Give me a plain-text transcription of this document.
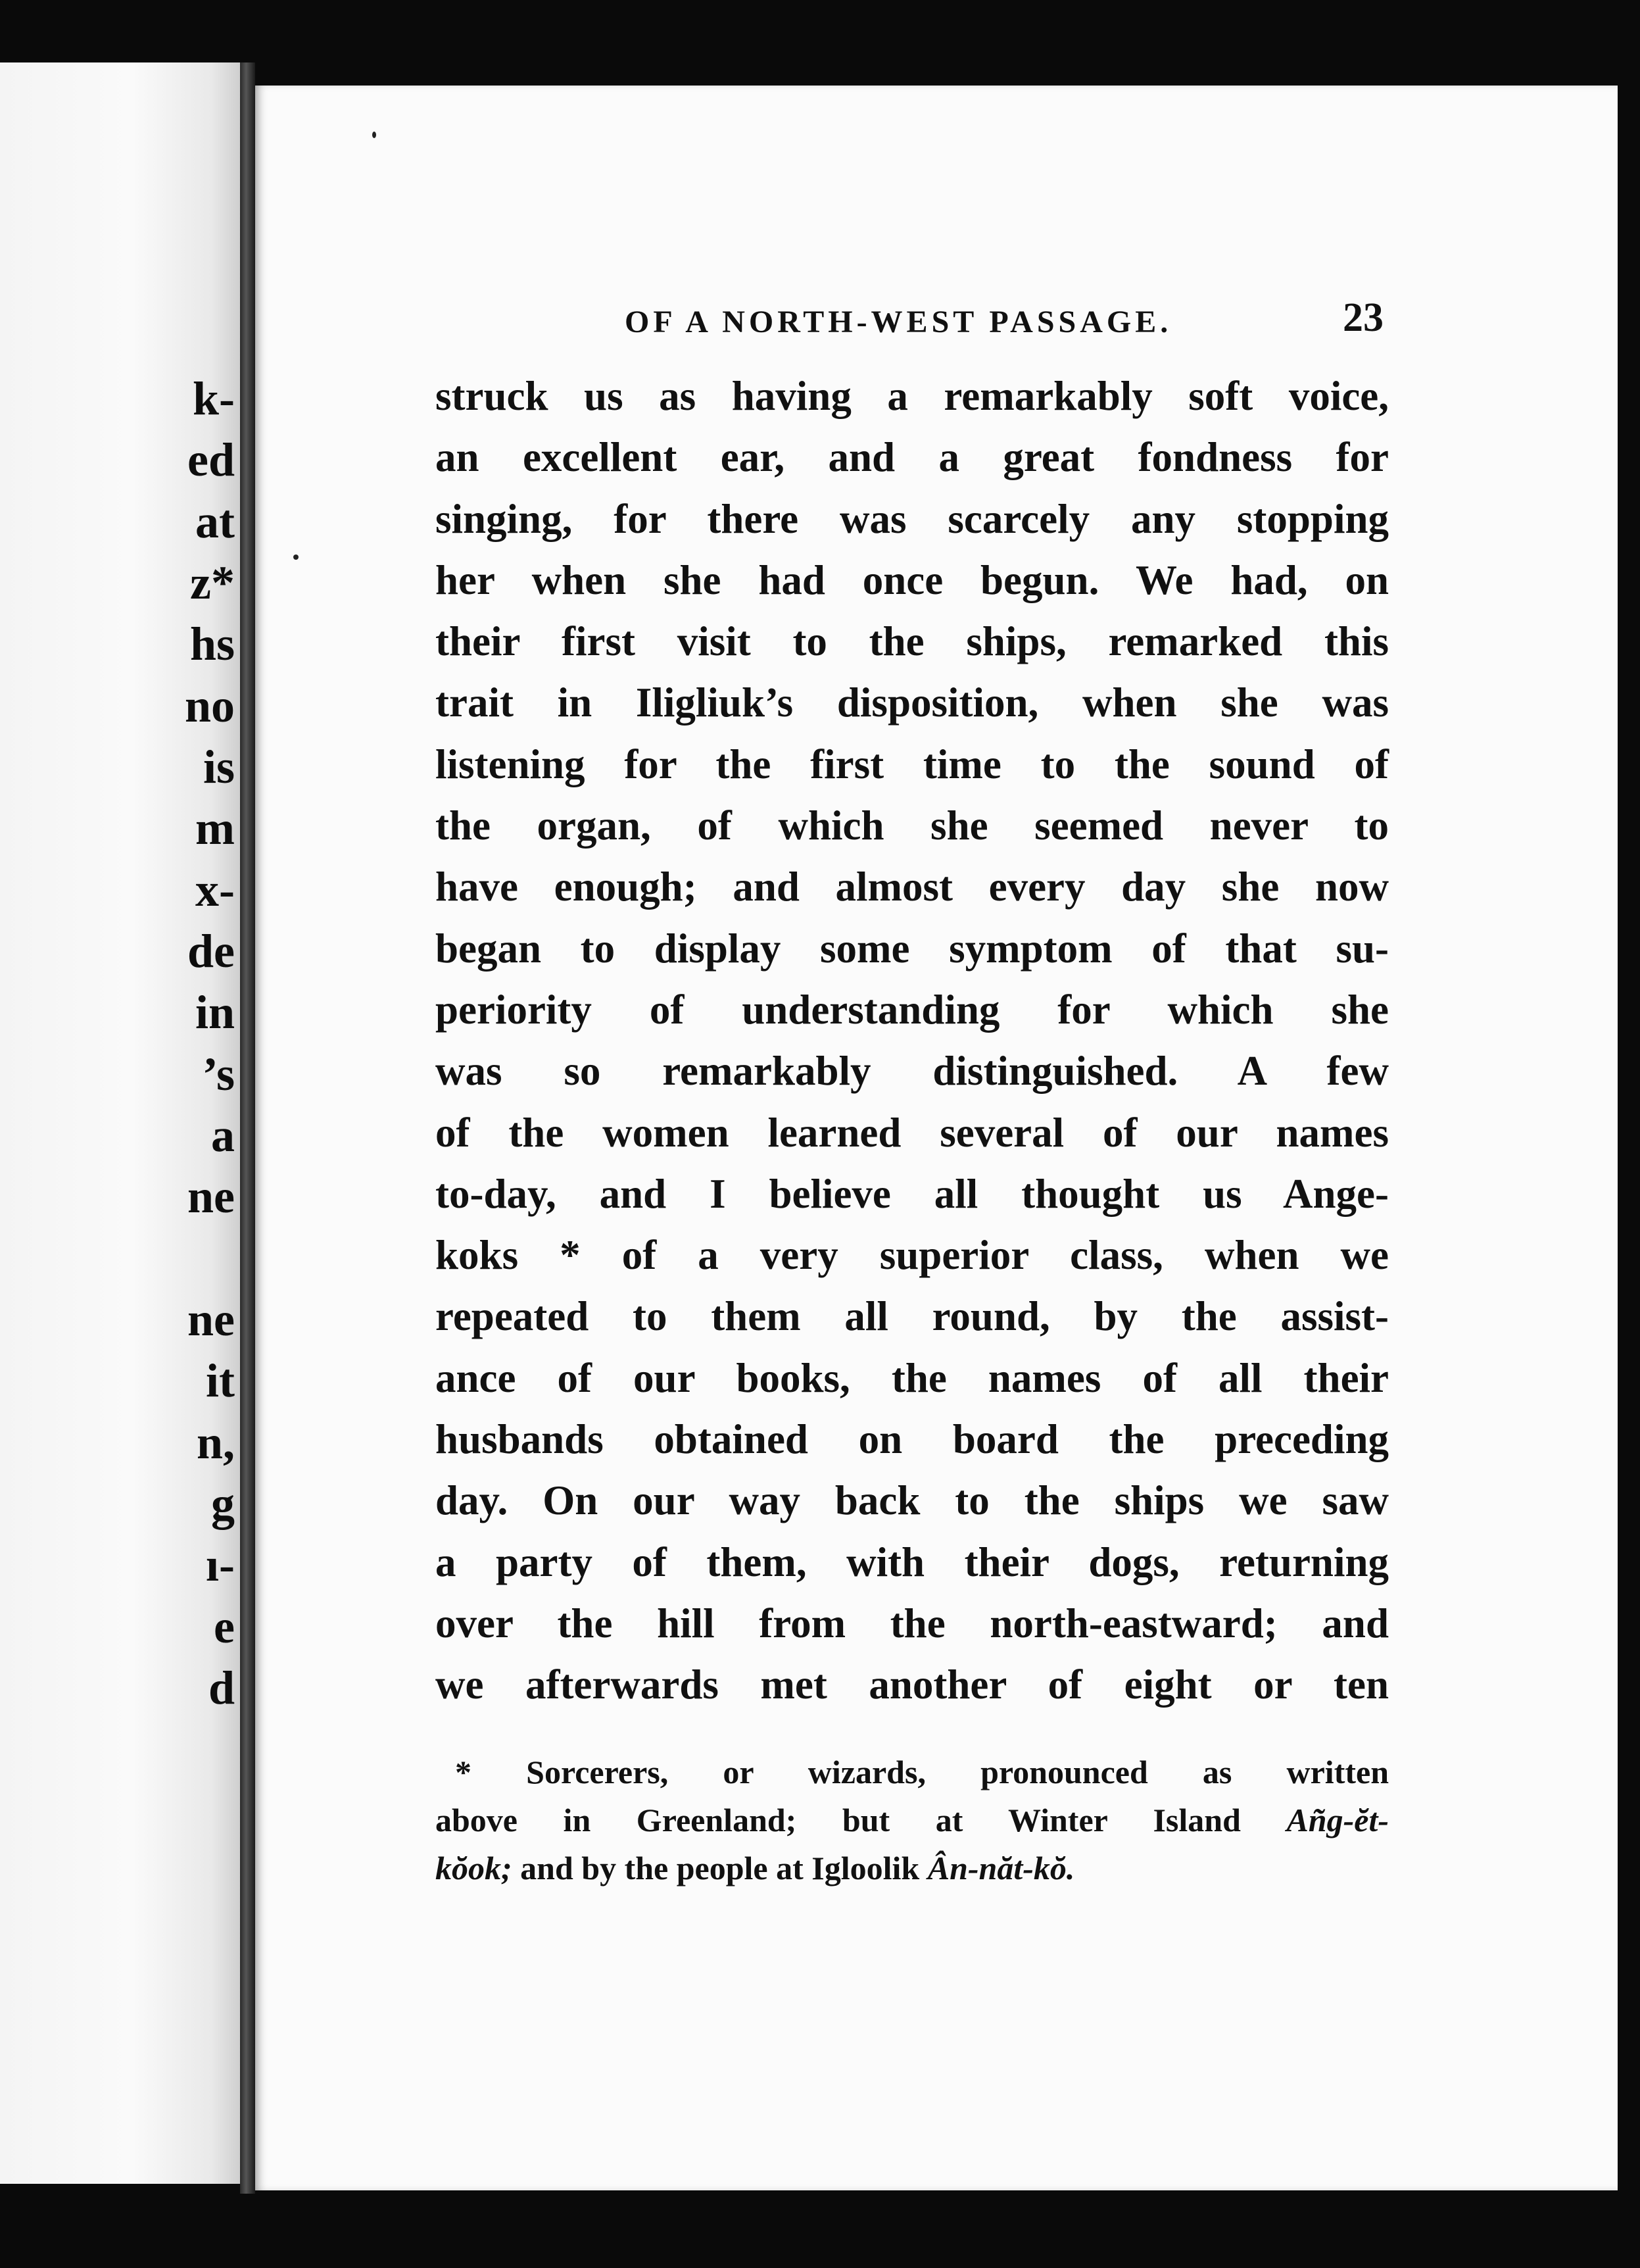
k-
ed
at
z*
hs
no
is
m
x-
de
in
’s
a
ne
ne
it
n,
g
ı-
e
d
OF A NORTH-WEST PASSAGE.	23
struck us as having a remarkably soft voice,
an excellent ear, and a great fondness for
singing, for there was scarcely any stopping
her when she had once begun. We had, on
their first visit to the ships, remarked this
trait in Iligliuk’s disposition, when she was
listening for the first time to the sound of
the organ, of which she seemed never to
have enough; and almost every day she now
began to display some symptom of that su-
periority of understanding for which she
was so remarkably distinguished. A few
of the women learned several of our names
to-day, and I believe all thought us Ange-
koks * of a very superior class, when we
repeated to them all round, by the assist-
ance of our books, the names of all their
husbands obtained on board the preceding
day. On our way back to the ships we saw
a party of them, with their dogs, returning
over the hill from the north-eastward; and
we afterwards met another of eight or ten
* Sorcerers, or wizards, pronounced as written
above in Greenland; but at Winter Island Añg-ĕt-
kŏok; and by the people at Igloolik Ân-năt-kŏ.
